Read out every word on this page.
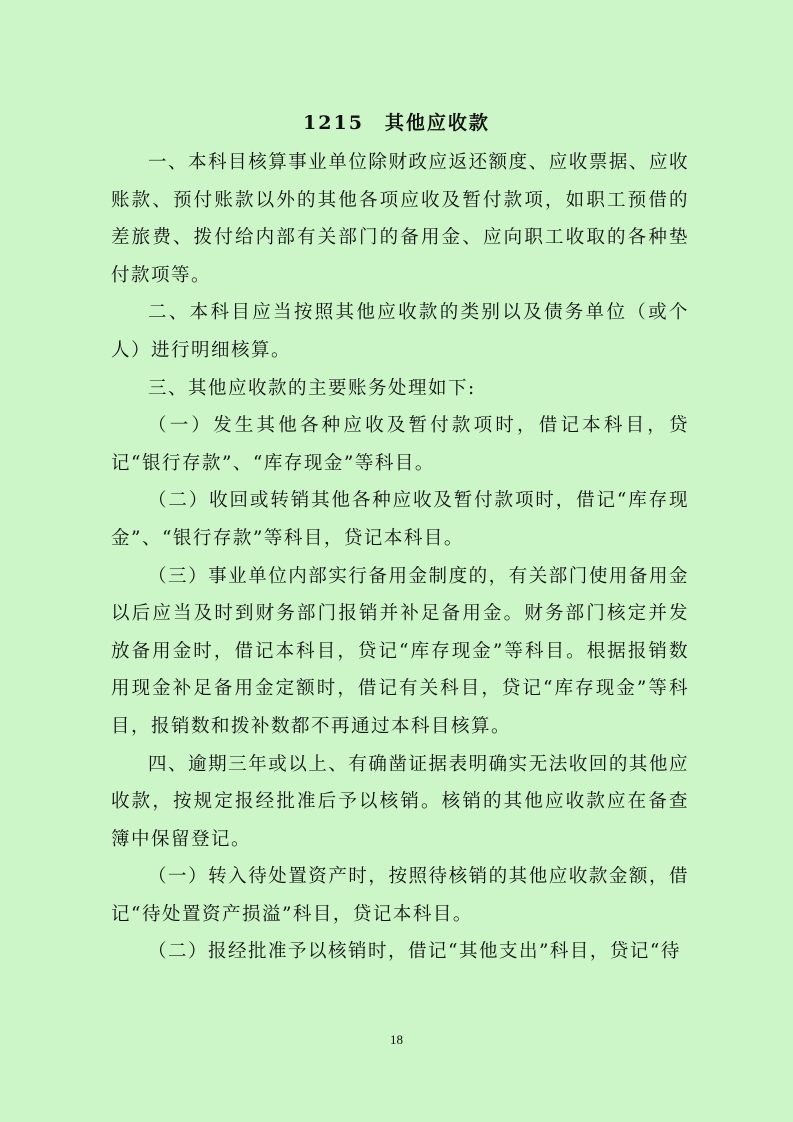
1215　其他应收款

一、本科目核算事业单位除财政应返还额度、应收票据、应收账款、预付账款以外的其他各项应收及暂付款项，如职工预借的差旅费、拨付给内部有关部门的备用金、应向职工收取的各种垫付款项等。

二、本科目应当按照其他应收款的类别以及债务单位（或个人）进行明细核算。

三、其他应收款的主要账务处理如下:

（一）发生其他各种应收及暂付款项时，借记本科目，贷记“银行存款”、“库存现金”等科目。

（二）收回或转销其他各种应收及暂付款项时，借记“库存现金”、“银行存款”等科目，贷记本科目。

（三）事业单位内部实行备用金制度的，有关部门使用备用金以后应当及时到财务部门报销并补足备用金。财务部门核定并发放备用金时，借记本科目，贷记“库存现金”等科目。根据报销数用现金补足备用金定额时，借记有关科目，贷记“库存现金”等科目，报销数和拨补数都不再通过本科目核算。

四、逾期三年或以上、有确凿证据表明确实无法收回的其他应收款，按规定报经批准后予以核销。核销的其他应收款应在备查簿中保留登记。

（一）转入待处置资产时，按照待核销的其他应收款金额，借记“待处置资产损溢”科目，贷记本科目。

（二）报经批准予以核销时，借记“其他支出”科目，贷记“待

18
